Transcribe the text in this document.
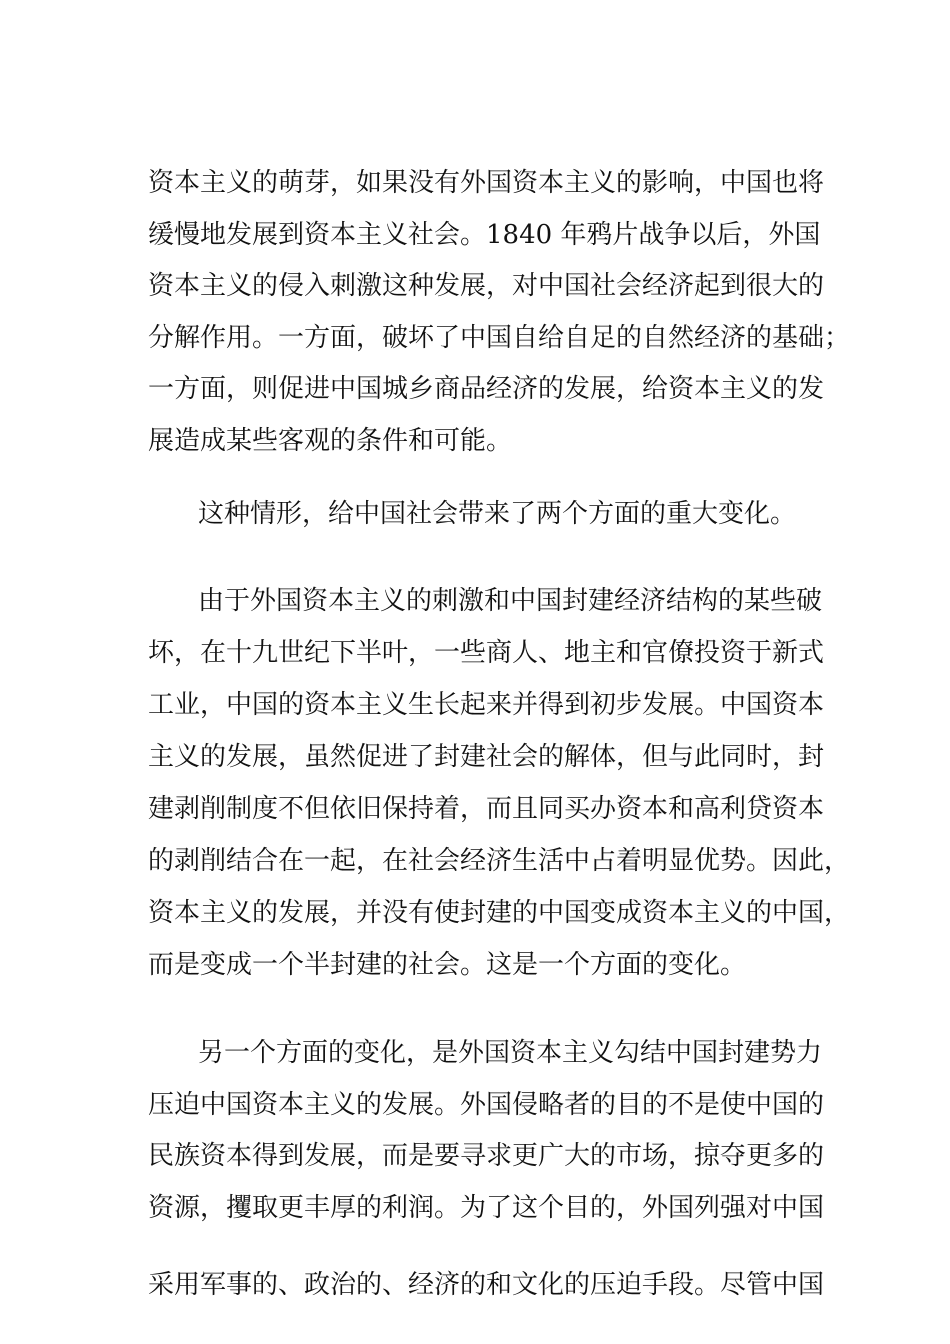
资本主义的萌芽，如果没有外国资本主义的影响，中国也将

缓慢地发展到资本主义社会。1840 年鸦片战争以后，外国

资本主义的侵入刺激这种发展，对中国社会经济起到很大的

分解作用。一方面，破坏了中国自给自足的自然经济的基础；

一方面，则促进中国城乡商品经济的发展，给资本主义的发

展造成某些客观的条件和可能。

这种情形，给中国社会带来了两个方面的重大变化。

由于外国资本主义的刺激和中国封建经济结构的某些破

坏，在十九世纪下半叶，一些商人、地主和官僚投资于新式

工业，中国的资本主义生长起来并得到初步发展。中国资本

主义的发展，虽然促进了封建社会的解体，但与此同时，封

建剥削制度不但依旧保持着，而且同买办资本和高利贷资本

的剥削结合在一起，在社会经济生活中占着明显优势。因此，

资本主义的发展，并没有使封建的中国变成资本主义的中国，

而是变成一个半封建的社会。这是一个方面的变化。

另一个方面的变化，是外国资本主义勾结中国封建势力

压迫中国资本主义的发展。外国侵略者的目的不是使中国的

民族资本得到发展，而是要寻求更广大的市场，掠夺更多的

资源，攫取更丰厚的利润。为了这个目的，外国列强对中国

采用军事的、政治的、经济的和文化的压迫手段。尽管中国
